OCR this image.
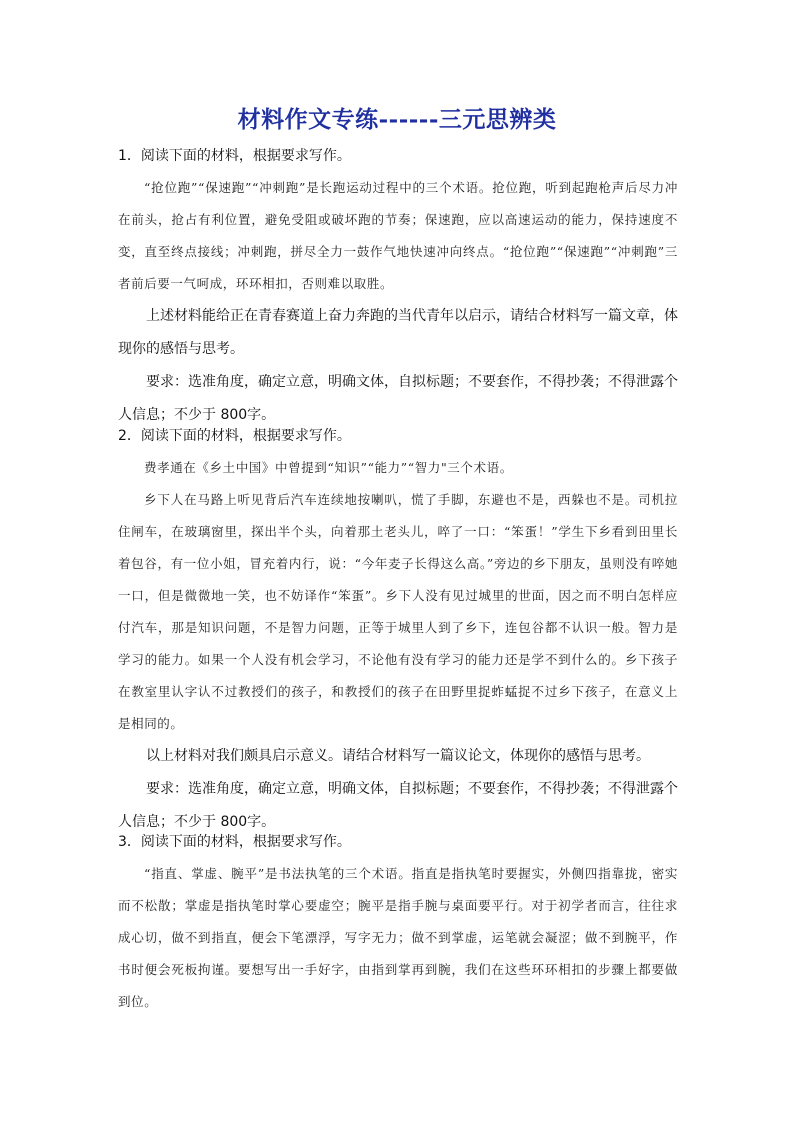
材料作文专练------三元思辨类

1．阅读下面的材料，根据要求写作。

“抢位跑”“保速跑”“冲刺跑”是长跑运动过程中的三个术语。抢位跑，听到起跑枪声后尽力冲在前头，抢占有利位置，避免受阻或破坏跑的节奏；保速跑，应以高速运动的能力，保持速度不变，直至终点接线；冲刺跑，拼尽全力一鼓作气地快速冲向终点。“抢位跑”“保速跑”“冲刺跑”三者前后要一气呵成，环环相扣，否则难以取胜。

上述材料能给正在青春赛道上奋力奔跑的当代青年以启示，请结合材料写一篇文章，体现你的感悟与思考。

要求：选准角度，确定立意，明确文体，自拟标题；不要套作，不得抄袭；不得泄露个人信息；不少于 800字。

2．阅读下面的材料，根据要求写作。

费孝通在《乡土中国》中曾提到“知识”“能力”“智力"三个术语。

乡下人在马路上听见背后汽车连续地按喇叭，慌了手脚，东避也不是，西躲也不是。司机拉住闸车，在玻璃窗里，探出半个头，向着那土老头儿，啐了一口：“笨蛋！”学生下乡看到田里长着包谷，有一位小姐，冒充着内行，说：“今年麦子长得这么高。”旁边的乡下朋友，虽则没有啐她一口，但是微微地一笑，也不妨译作“笨蛋”。乡下人没有见过城里的世面，因之而不明白怎样应付汽车，那是知识问题，不是智力问题，正等于城里人到了乡下，连包谷都不认识一般。智力是学习的能力。如果一个人没有机会学习，不论他有没有学习的能力还是学不到什么的。乡下孩子在教室里认字认不过教授们的孩子，和教授们的孩子在田野里捉蚱蜢捉不过乡下孩子，在意义上是相同的。

以上材料对我们颇具启示意义。请结合材料写一篇议论文，体现你的感悟与思考。

要求：选准角度，确定立意，明确文体，自拟标题；不要套作，不得抄袭；不得泄露个人信息；不少于 800字。

3．阅读下面的材料，根据要求写作。

“指直、掌虚、腕平”是书法执笔的三个术语。指直是指执笔时要握实，外侧四指靠拢，密实而不松散；掌虚是指执笔时掌心要虚空；腕平是指手腕与桌面要平行。对于初学者而言，往往求成心切，做不到指直，便会下笔漂浮，写字无力；做不到掌虚，运笔就会凝涩；做不到腕平，作书时便会死板拘谨。要想写出一手好字，由指到掌再到腕，我们在这些环环相扣的步骤上都要做到位。
